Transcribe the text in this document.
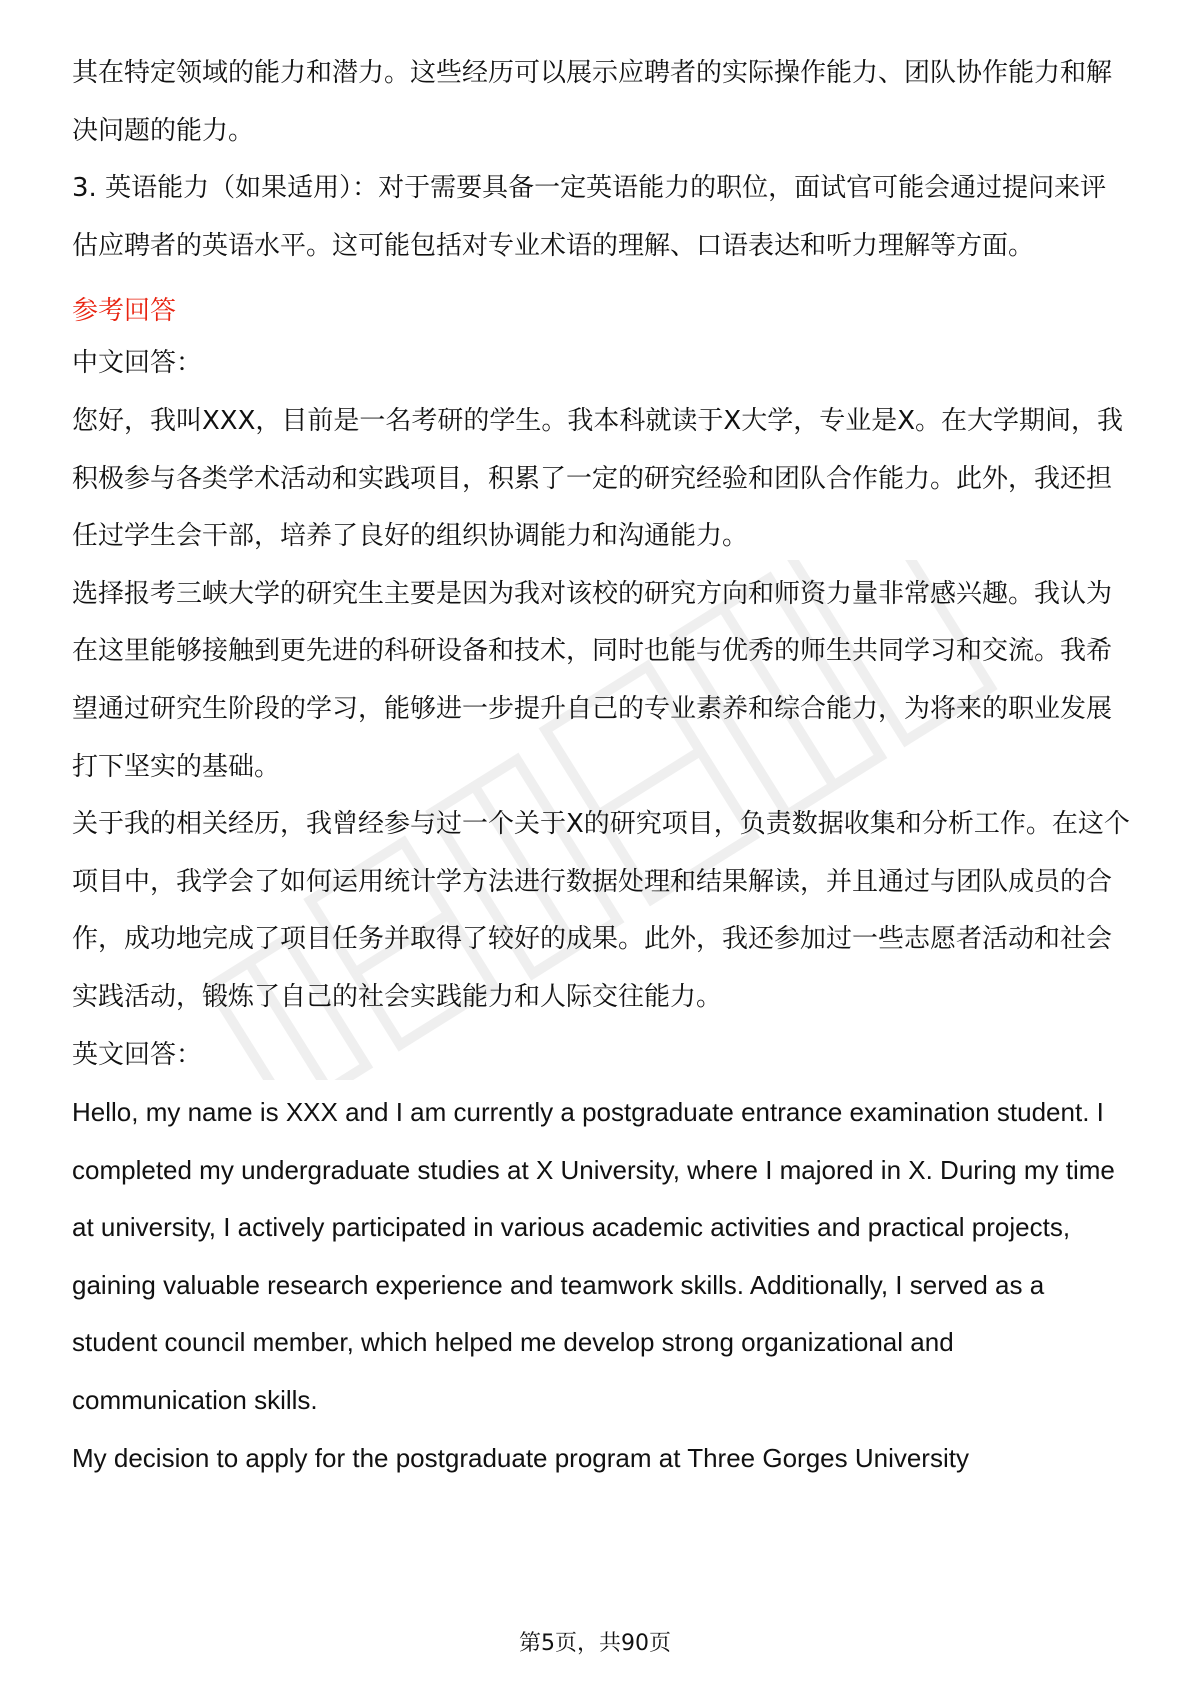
其在特定领域的能力和潜力。这些经历可以展示应聘者的实际操作能力、团队协作能力和解决问题的能力。

3. 英语能力（如果适用）：对于需要具备一定英语能力的职位，面试官可能会通过提问来评估应聘者的英语水平。这可能包括对专业术语的理解、口语表达和听力理解等方面。

参考回答

中文回答：

您好，我叫XXX，目前是一名考研的学生。我本科就读于X大学，专业是X。在大学期间，我积极参与各类学术活动和实践项目，积累了一定的研究经验和团队合作能力。此外，我还担任过学生会干部，培养了良好的组织协调能力和沟通能力。

选择报考三峡大学的研究生主要是因为我对该校的研究方向和师资力量非常感兴趣。我认为在这里能够接触到更先进的科研设备和技术，同时也能与优秀的师生共同学习和交流。我希望通过研究生阶段的学习，能够进一步提升自己的专业素养和综合能力，为将来的职业发展打下坚实的基础。

关于我的相关经历，我曾经参与过一个关于X的研究项目，负责数据收集和分析工作。在这个项目中，我学会了如何运用统计学方法进行数据处理和结果解读，并且通过与团队成员的合作，成功地完成了项目任务并取得了较好的成果。此外，我还参加过一些志愿者活动和社会实践活动，锻炼了自己的社会实践能力和人际交往能力。

英文回答：

Hello, my name is XXX and I am currently a postgraduate entrance examination student. I completed my undergraduate studies at X University, where I majored in X. During my time at university, I actively participated in various academic activities and practical projects, gaining valuable research experience and teamwork skills. Additionally, I served as a student council member, which helped me develop strong organizational and communication skills.

My decision to apply for the postgraduate program at Three Gorges University

第5页，共90页
